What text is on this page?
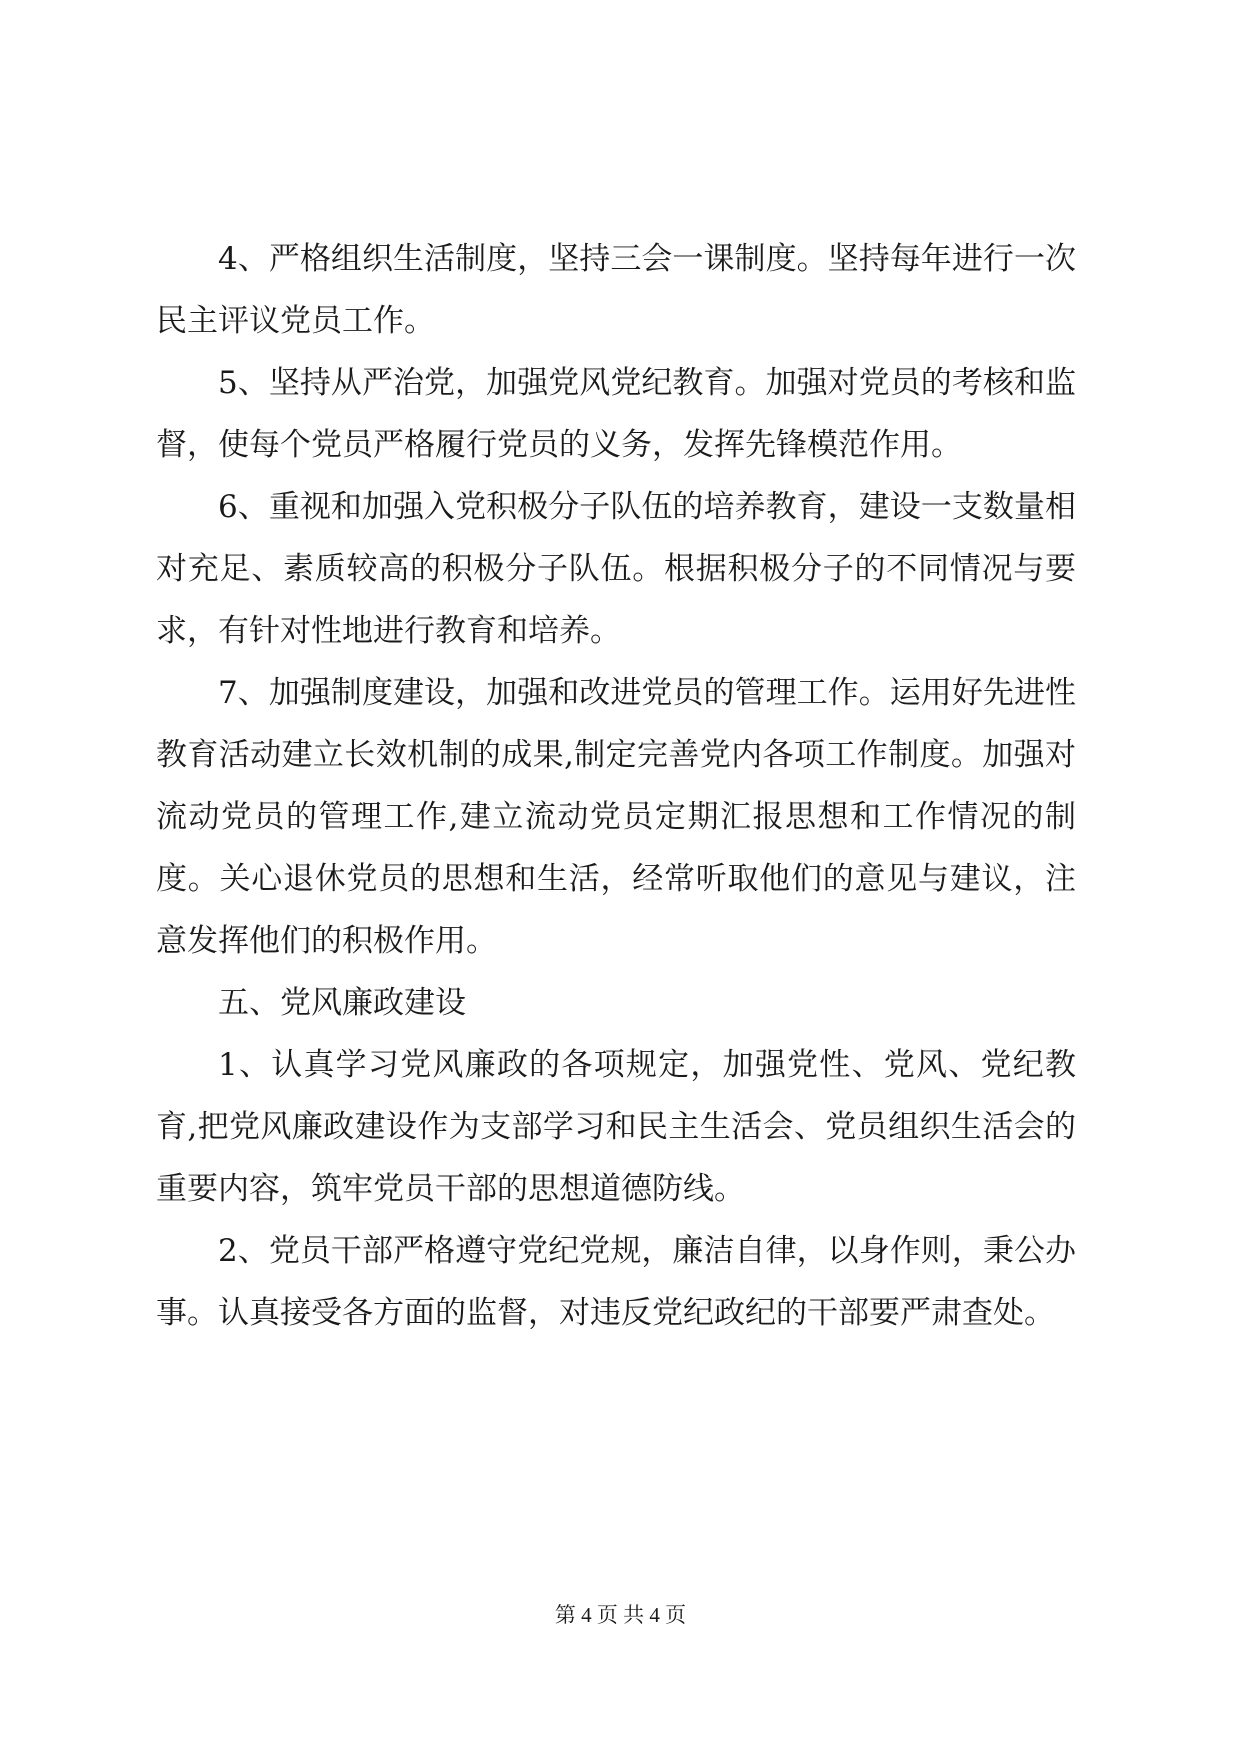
4、严格组织生活制度，坚持三会一课制度。坚持每年进行一次民主评议党员工作。

5、坚持从严治党，加强党风党纪教育。加强对党员的考核和监督，使每个党员严格履行党员的义务，发挥先锋模范作用。

6、重视和加强入党积极分子队伍的培养教育，建设一支数量相对充足、素质较高的积极分子队伍。根据积极分子的不同情况与要求，有针对性地进行教育和培养。

7、加强制度建设，加强和改进党员的管理工作。运用好先进性教育活动建立长效机制的成果,制定完善党内各项工作制度。加强对流动党员的管理工作,建立流动党员定期汇报思想和工作情况的制度。关心退休党员的思想和生活，经常听取他们的意见与建议，注意发挥他们的积极作用。

五、党风廉政建设

1、认真学习党风廉政的各项规定，加强党性、党风、党纪教育,把党风廉政建设作为支部学习和民主生活会、党员组织生活会的重要内容，筑牢党员干部的思想道德防线。

2、党员干部严格遵守党纪党规，廉洁自律，以身作则，秉公办事。认真接受各方面的监督，对违反党纪政纪的干部要严肃查处。

第 4 页 共 4 页
